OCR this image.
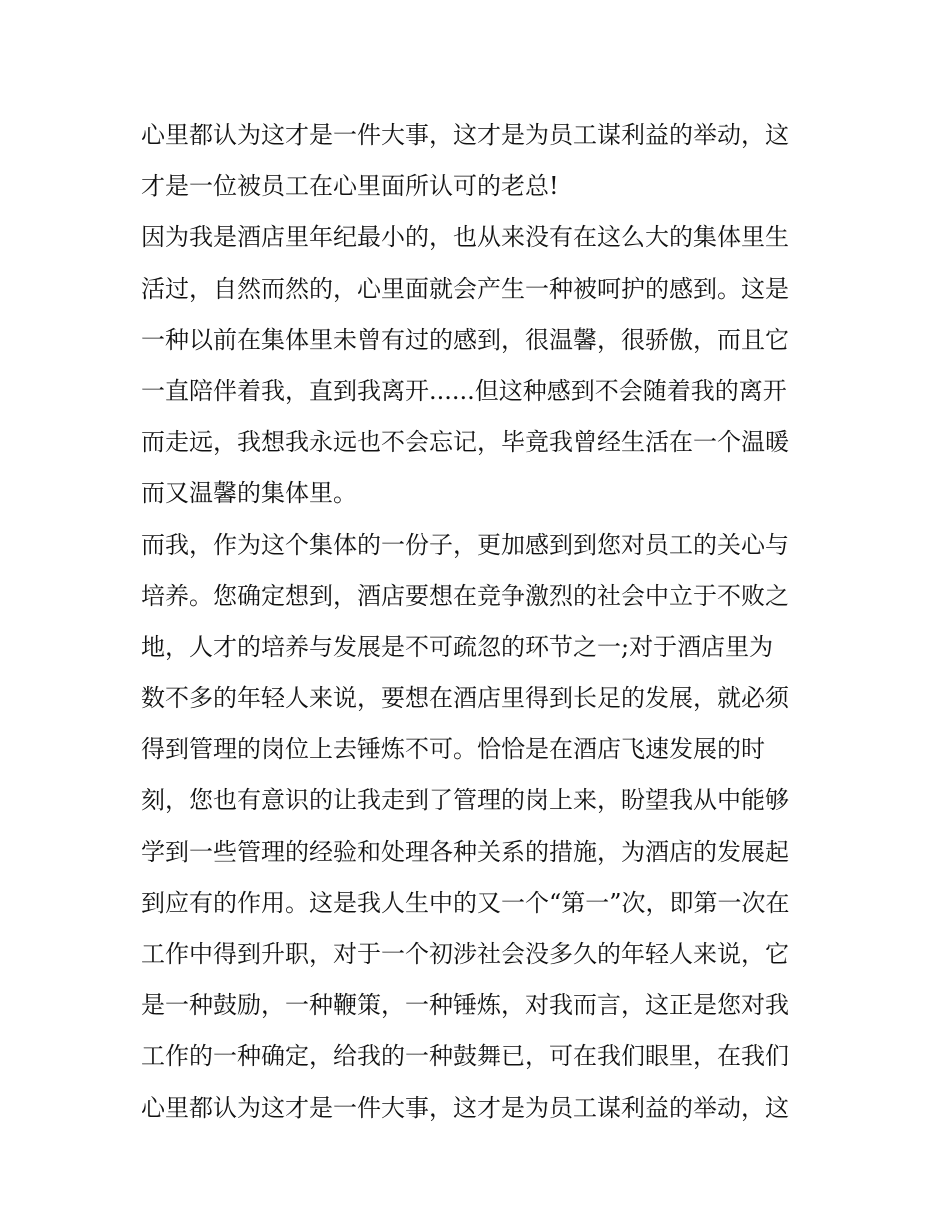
心里都认为这才是一件大事，这才是为员工谋利益的举动，这
才是一位被员工在心里面所认可的老总!
因为我是酒店里年纪最小的，也从来没有在这么大的集体里生
活过，自然而然的，心里面就会产生一种被呵护的感到。这是
一种以前在集体里未曾有过的感到，很温馨，很骄傲，而且它
一直陪伴着我，直到我离开......但这种感到不会随着我的离开
而走远，我想我永远也不会忘记，毕竟我曾经生活在一个温暖
而又温馨的集体里。
而我，作为这个集体的一份子，更加感到到您对员工的关心与
培养。您确定想到，酒店要想在竞争激烈的社会中立于不败之
地，人才的培养与发展是不可疏忽的环节之一;对于酒店里为
数不多的年轻人来说，要想在酒店里得到长足的发展，就必须
得到管理的岗位上去锤炼不可。恰恰是在酒店飞速发展的时
刻，您也有意识的让我走到了管理的岗上来，盼望我从中能够
学到一些管理的经验和处理各种关系的措施，为酒店的发展起
到应有的作用。这是我人生中的又一个“第一”次，即第一次在
工作中得到升职，对于一个初涉社会没多久的年轻人来说，它
是一种鼓励，一种鞭策，一种锤炼，对我而言，这正是您对我
工作的一种确定，给我的一种鼓舞已，可在我们眼里，在我们
心里都认为这才是一件大事，这才是为员工谋利益的举动，这
